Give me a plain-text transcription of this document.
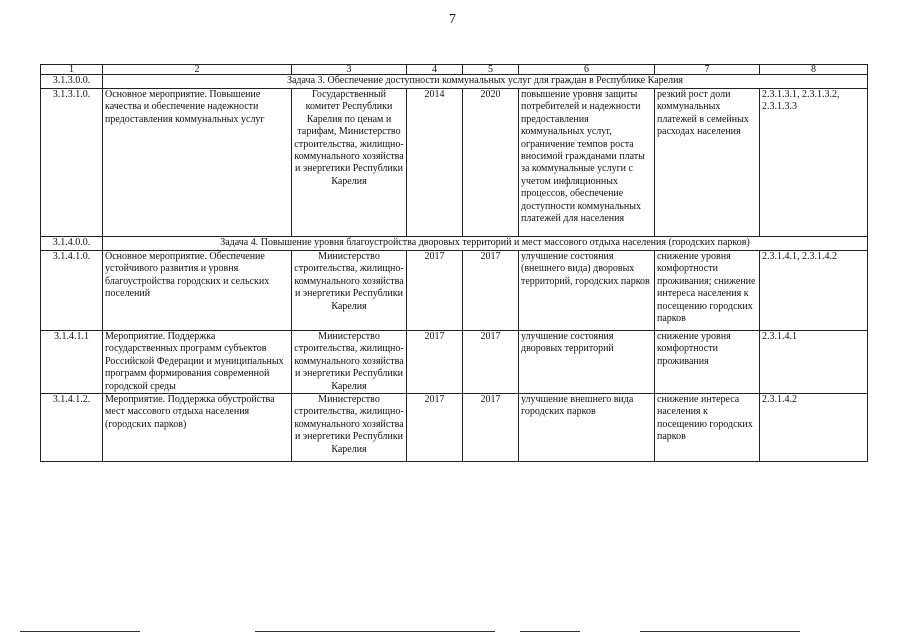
7
1	2	3	4	5	6	7	8
3.1.3.0.0.	Задача 3. Обеспечение доступности коммунальных услуг для граждан в Республике Карелия						
3.1.3.1.0.	Основное мероприятие. Повышение качества и обеспечение надежности предоставления коммунальных услуг	Государственный комитет Республики Карелия по ценам и тарифам, Министерство строительства, жилищно-коммунального хозяйства и энергетики Республики Карелия	2014	2020	повышение уровня защиты потребителей и надежности предоставления коммунальных услуг, ограничение темпов роста вносимой гражданами платы за коммунальные услуги с учетом инфляционных процессов, обеспечение доступности коммунальных платежей для населения	резкий рост доли коммунальных платежей в семейных расходах населения	2.3.1.3.1, 2.3.1.3.2, 2.3.1.3.3
3.1.4.0.0.	Задача 4. Повышение уровня благоустройства дворовых территорий и мест массового отдыха населения (городских парков)						
3.1.4.1.0.	Основное мероприятие. Обеспечение устойчивого развития и уровня благоустройства городских и сельских поселений	Министерство строительства, жилищно-коммунального хозяйства и энергетики Республики Карелия	2017	2017	улучшение состояния (внешнего вида) дворовых территорий, городских парков	снижение уровня комфортности проживания; снижение интереса населения к посещению городских парков	2.3.1.4.1, 2.3.1.4.2
3.1.4.1.1	Мероприятие. Поддержка государственных программ субъектов Российской Федерации и муниципальных программ формирования современной городской среды	Министерство строительства, жилищно-коммунального хозяйства и энергетики Республики Карелия	2017	2017	улучшение состояния дворовых территорий	снижение уровня комфортности проживания	2.3.1.4.1
3.1.4.1.2.	Мероприятие. Поддержка обустройства мест массового отдыха населения (городских парков)	Министерство строительства, жилищно-коммунального хозяйства и энергетики Республики Карелия	2017	2017	улучшение внешнего вида городских парков	снижение интереса населения к посещению городских парков	2.3.1.4.2
